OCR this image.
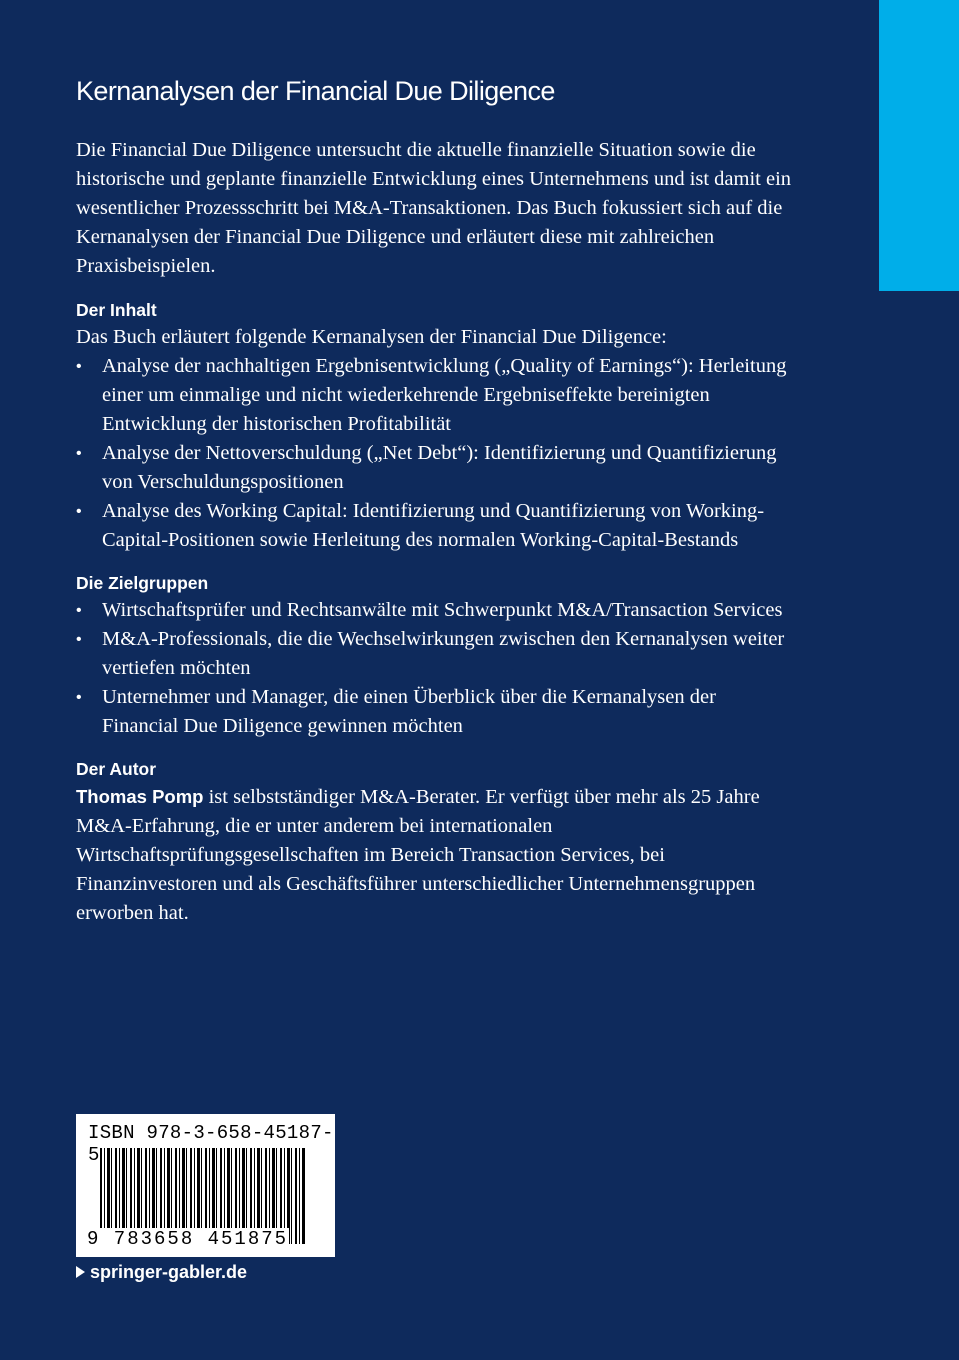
Kernanalysen der Financial Due Diligence

Die Financial Due Diligence untersucht die aktuelle finanzielle Situation sowie die historische und geplante finanzielle Entwicklung eines Unternehmens und ist damit ein wesentlicher Prozessschritt bei M&A-Transaktionen. Das Buch fokussiert sich auf die Kernanalysen der Financial Due Diligence und erläutert diese mit zahlreichen Praxisbeispielen.

Der Inhalt

Das Buch erläutert folgende Kernanalysen der Financial Due Diligence:

• Analyse der nachhaltigen Ergebnisentwicklung („Quality of Earnings“): Herleitung einer um einmalige und nicht wiederkehrende Ergebniseffekte bereinigten Entwicklung der historischen Profitabilität
• Analyse der Nettoverschuldung („Net Debt“): Identifizierung und Quantifizierung von Verschuldungspositionen
• Analyse des Working Capital: Identifizierung und Quantifizierung von Working-Capital-Positionen sowie Herleitung des normalen Working-Capital-Bestands
Die Zielgruppen
• Wirtschaftsprüfer und Rechtsanwälte mit Schwerpunkt M&A/Transaction Services
• M&A-Professionals, die die Wechselwirkungen zwischen den Kernanalysen weiter vertiefen möchten
• Unternehmer und Manager, die einen Überblick über die Kernanalysen der Financial Due Diligence gewinnen möchten
Der Autor

Thomas Pomp ist selbstständiger M&A-Berater. Er verfügt über mehr als 25 Jahre M&A-Erfahrung, die er unter anderem bei internationalen Wirtschaftsprüfungsgesellschaften im Bereich Transaction Services, bei Finanzinvestoren und als Geschäftsführer unterschiedlicher Unternehmensgruppen erworben hat.

ISBN 978-3-658-45187-5
9 783658 451875
springer-gabler.de
